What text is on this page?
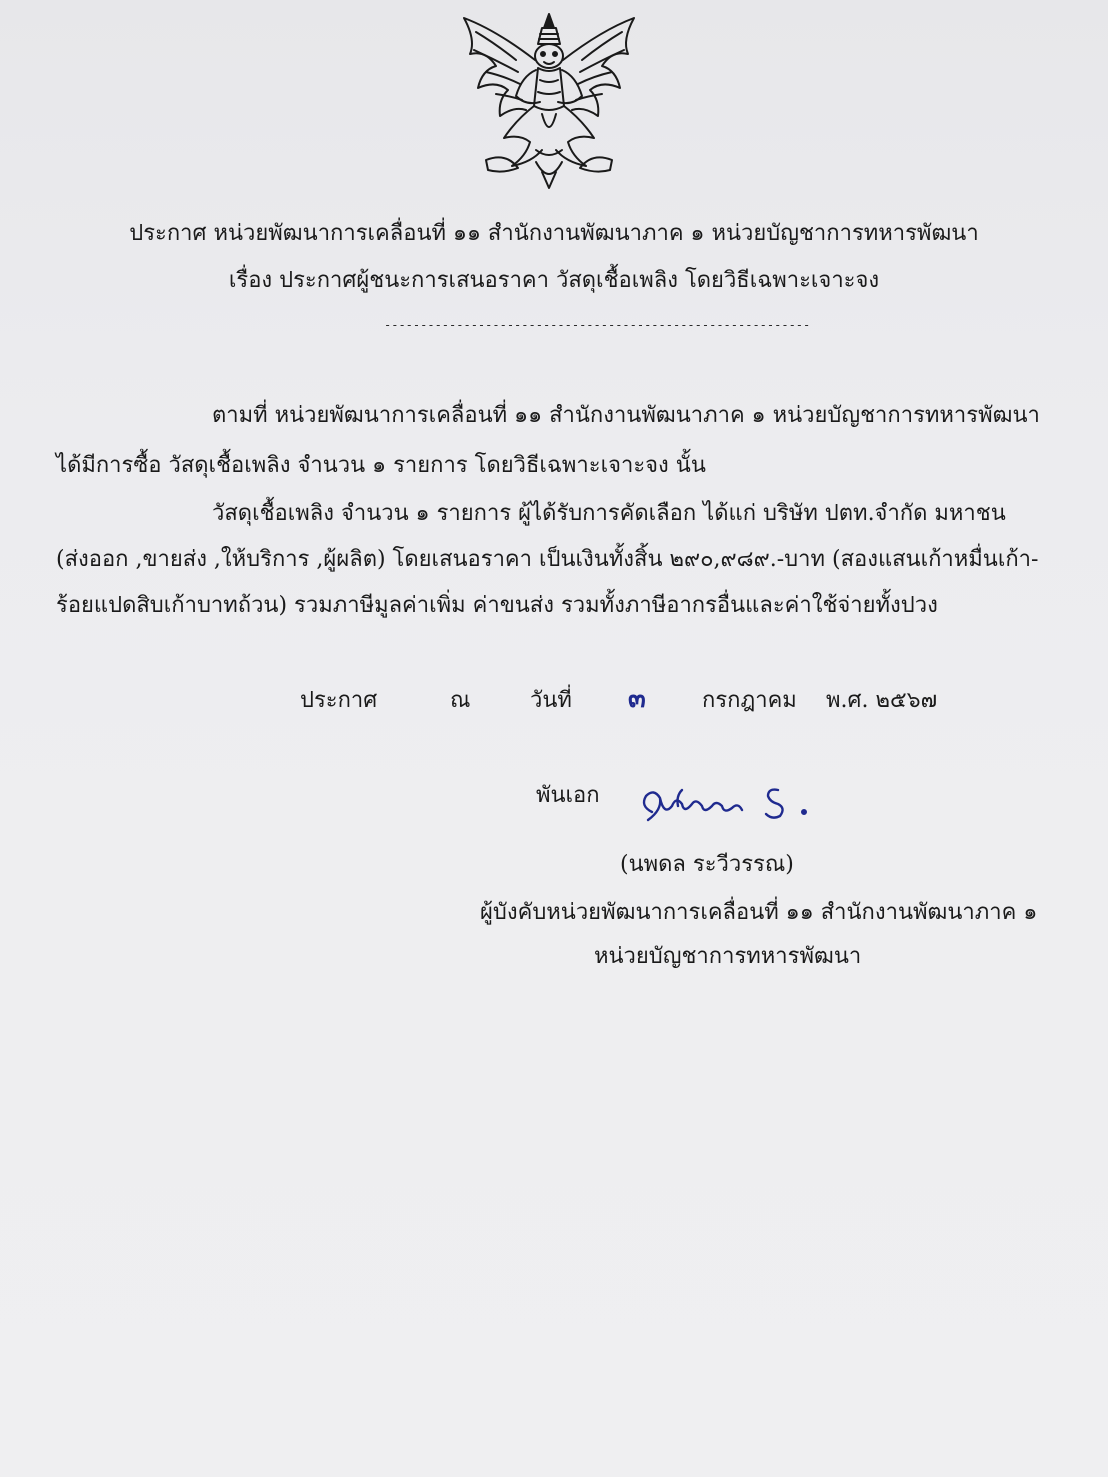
ประกาศ หน่วยพัฒนาการเคลื่อนที่ ๑๑ สำนักงานพัฒนาภาค ๑ หน่วยบัญชาการทหารพัฒนา

เรื่อง ประกาศผู้ชนะการเสนอราคา วัสดุเชื้อเพลิง โดยวิธีเฉพาะเจาะจง

-----------------------------------------------------------

ตามที่ หน่วยพัฒนาการเคลื่อนที่ ๑๑ สำนักงานพัฒนาภาค ๑ หน่วยบัญชาการทหารพัฒนา

ได้มีการซื้อ วัสดุเชื้อเพลิง จำนวน ๑ รายการ โดยวิธีเฉพาะเจาะจง นั้น

วัสดุเชื้อเพลิง จำนวน ๑ รายการ ผู้ได้รับการคัดเลือก ได้แก่ บริษัท ปตท.จำกัด มหาชน

(ส่งออก ,ขายส่ง ,ให้บริการ ,ผู้ผลิต) โดยเสนอราคา เป็นเงินทั้งสิ้น ๒๙๐,๙๘๙.-บาท (สองแสนเก้าหมื่นเก้า-

ร้อยแปดสิบเก้าบาทถ้วน) รวมภาษีมูลค่าเพิ่ม ค่าขนส่ง รวมทั้งภาษีอากรอื่นและค่าใช้จ่ายทั้งปวง

ประกาศ	ณ	วันที่ ๓	กรกฎาคม พ.ศ. ๒๕๖๗
พันเอก

(นพดล ระวีวรรณ)

ผู้บังคับหน่วยพัฒนาการเคลื่อนที่ ๑๑ สำนักงานพัฒนาภาค ๑

หน่วยบัญชาการทหารพัฒนา
